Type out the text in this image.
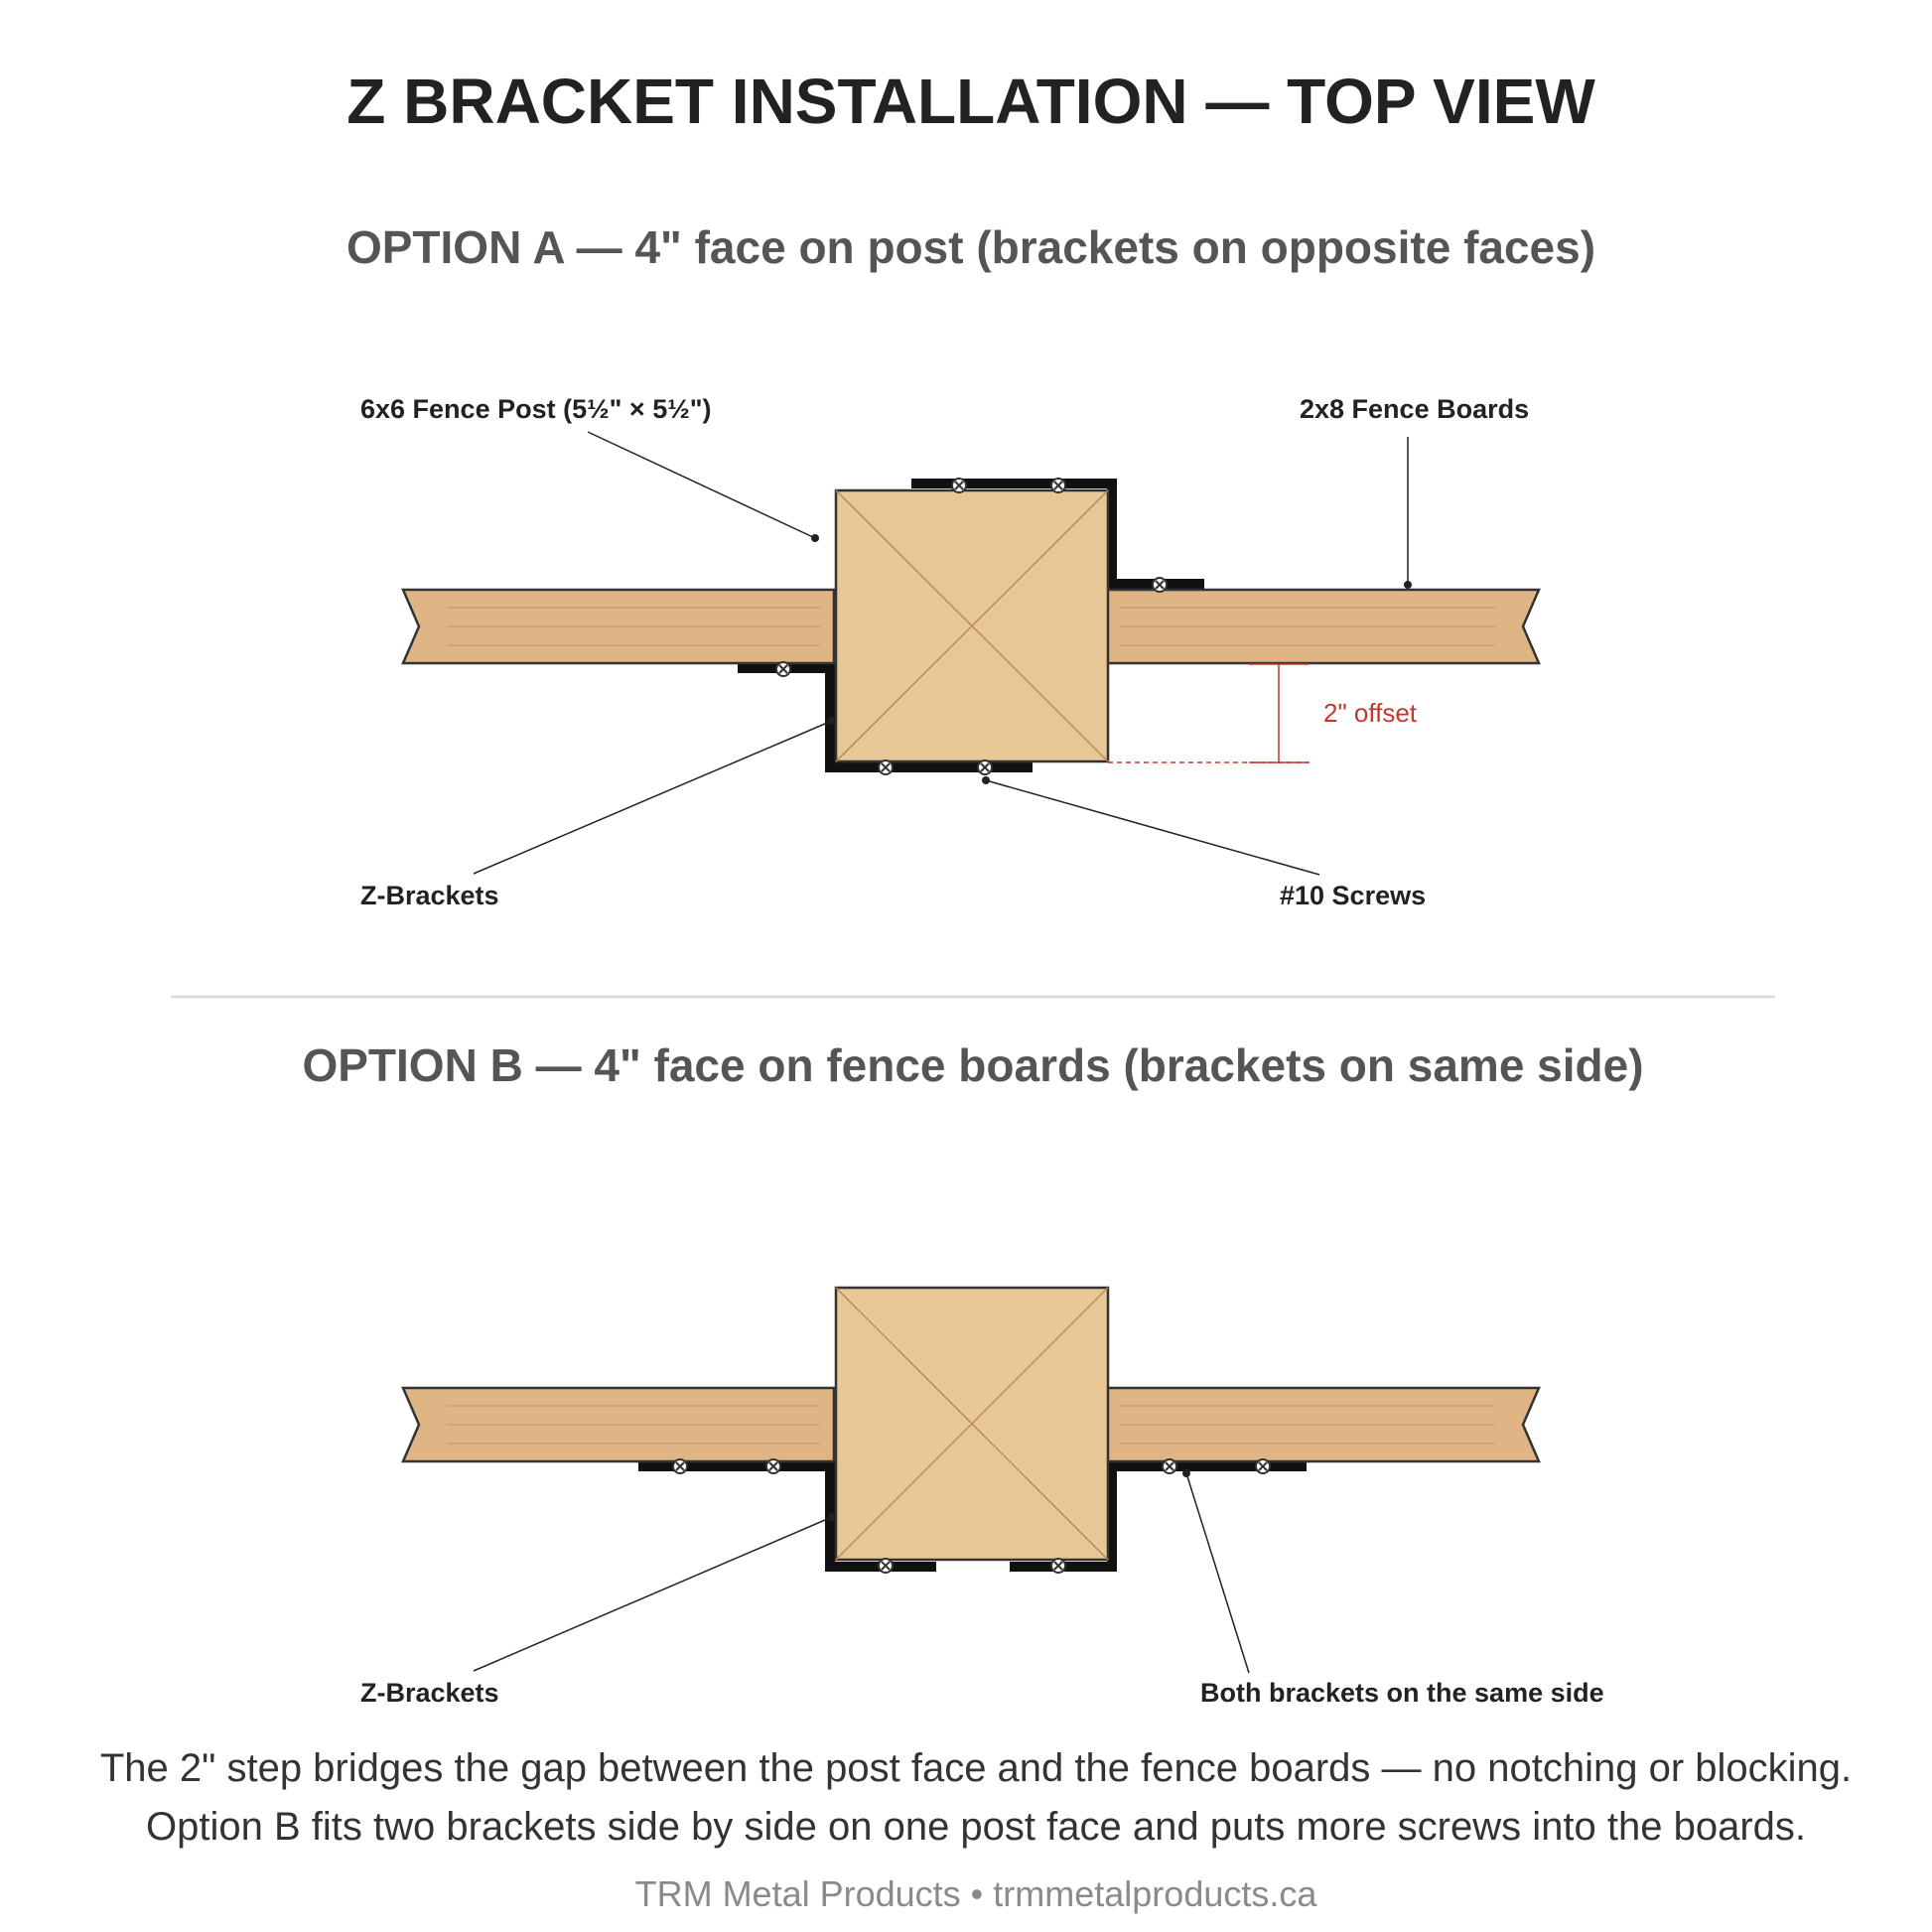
Z BRACKET INSTALLATION — TOP VIEW
OPTION A — 4" face on post (brackets on opposite faces)
2" offset
6x6 Fence Post (5½" × 5½")	2x8 Fence Boards
Z-Brackets	#10 Screws
OPTION B — 4" face on fence boards (brackets on same side)
Z-Brackets	Both brackets on the same side
The 2" step bridges the gap between the post face and the fence boards — no notching or blocking.
Option B fits two brackets side by side on one post face and puts more screws into the boards.
TRM Metal Products • trmmetalproducts.ca
